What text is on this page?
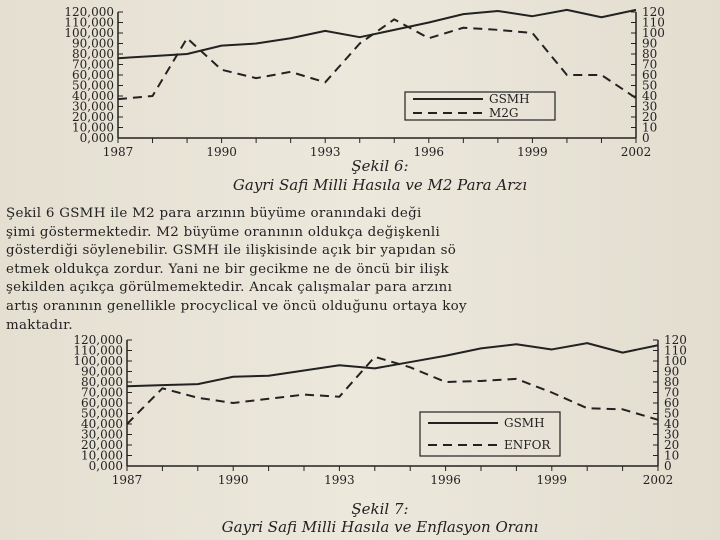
0,000	0
10,000	10
20,000	20
30,000	30
40,000	40
50,000	50
60,000	60
70,000	70
80,000	80
90,000	90
100,000	100
110,000	110
120,000	120
1987	1990	1993	1996	1999	2002
GSMH
M2G
Şekil 6:
Gayri Safi Milli Hasıla ve M2 Para Arzı
Şekil 6 GSMH ile M2 para arzının büyüme oranındaki deği
şimi göstermektedir. M2 büyüme oranının oldukça değişkenli
gösterdiği söylenebilir. GSMH ile ilişkisinde açık bir yapıdan sö
etmek oldukça zordur. Yani ne bir gecikme ne de öncü bir ilişk
şekilden açıkça görülmemektedir. Ancak çalışmalar para arzını
artış oranının genellikle procyclical ve öncü olduğunu ortaya koy
maktadır.
0,000	0
10,000	10
20,000	20
30,000	30
40,000	40
50,000	50
60,000	60
70,000	70
80,000	80
90,000	90
100,000	100
110,000	110
120,000	120
1987	1990	1993	1996	1999	2002
GSMH
ENFOR
Şekil 7:
Gayri Safi Milli Hasıla ve Enflasyon Oranı
